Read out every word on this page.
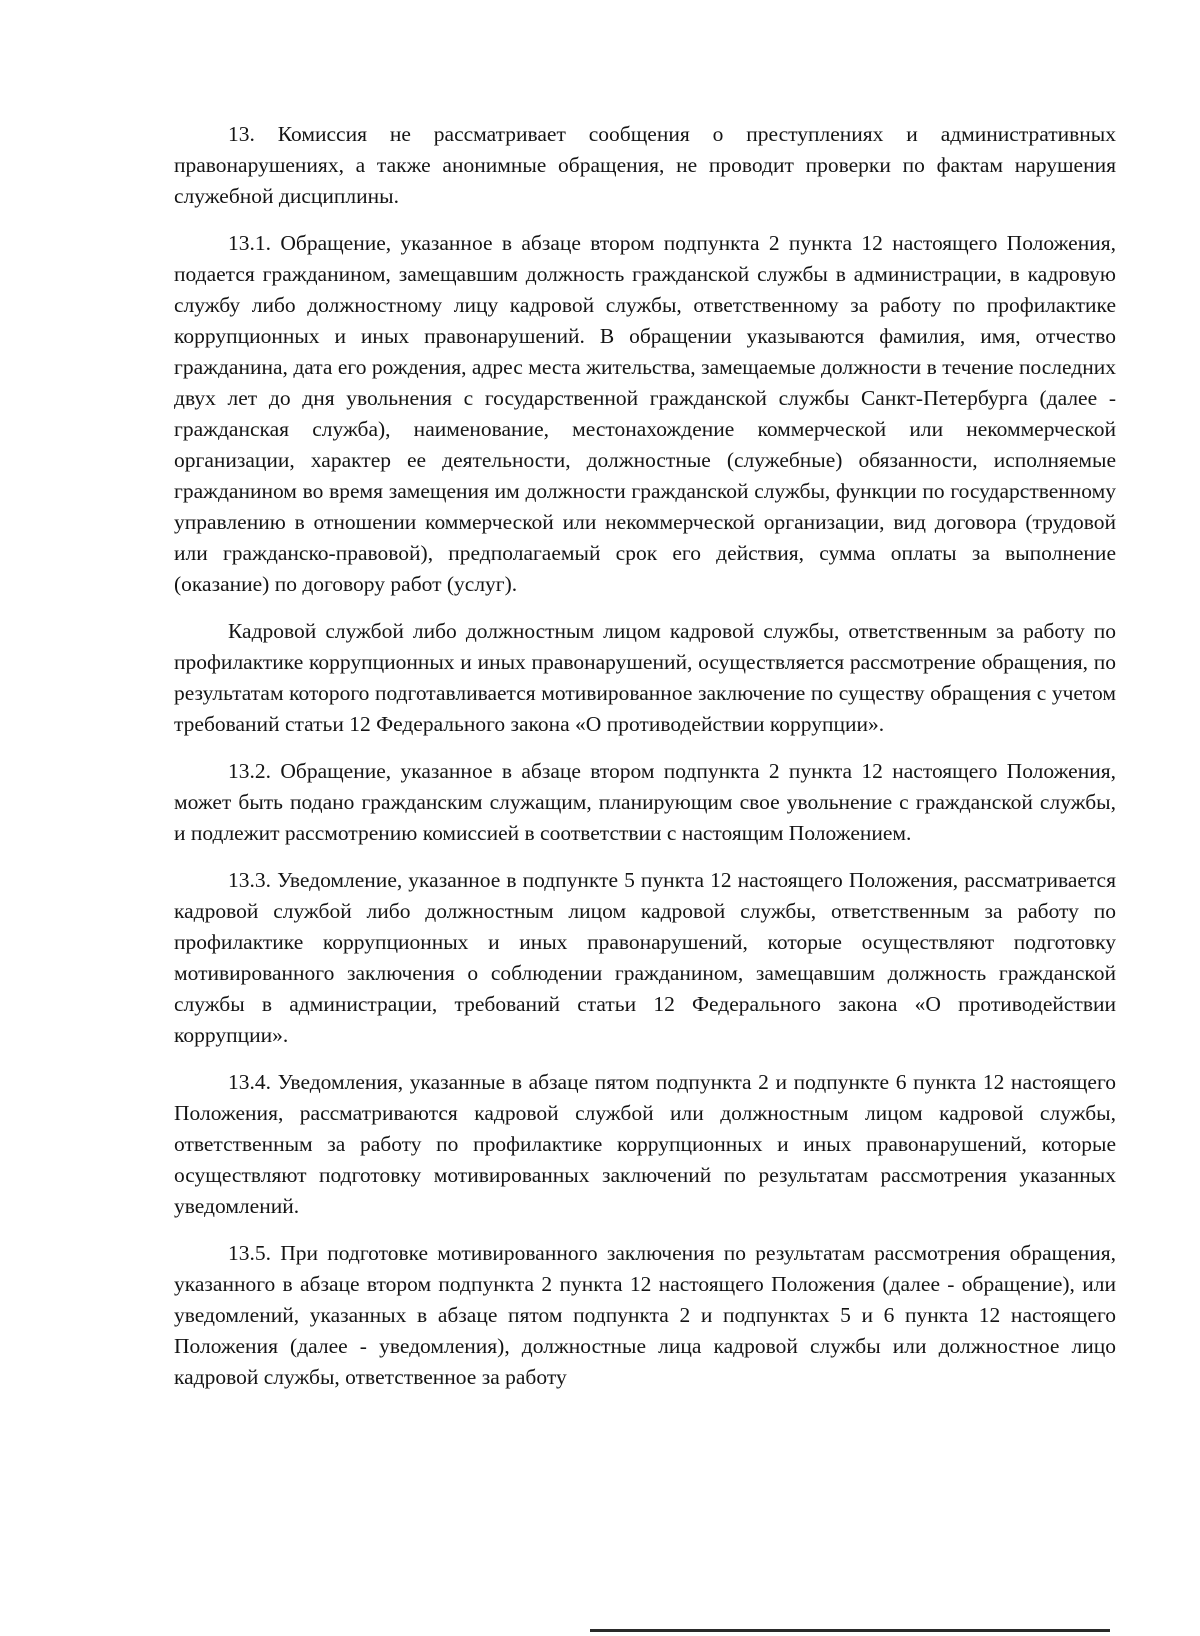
13. Комиссия не рассматривает сообщения о преступлениях и административных правонарушениях, а также анонимные обращения, не проводит проверки по фактам нарушения служебной дисциплины.

13.1. Обращение, указанное в абзаце втором подпункта 2 пункта 12 настоящего Положения, подается гражданином, замещавшим должность гражданской службы в администрации, в кадровую службу либо должностному лицу кадровой службы, ответственному за работу по профилактике коррупционных и иных правонарушений. В обращении указываются фамилия, имя, отчество гражданина, дата его рождения, адрес места жительства, замещаемые должности в течение последних двух лет до дня увольнения с государственной гражданской службы Санкт-Петербурга (далее - гражданская служба), наименование, местонахождение коммерческой или некоммерческой организации, характер ее деятельности, должностные (служебные) обязанности, исполняемые гражданином во время замещения им должности гражданской службы, функции по государственному управлению в отношении коммерческой или некоммерческой организации, вид договора (трудовой или гражданско-правовой), предполагаемый срок его действия, сумма оплаты за выполнение (оказание) по договору работ (услуг).

Кадровой службой либо должностным лицом кадровой службы, ответственным за работу по профилактике коррупционных и иных правонарушений, осуществляется рассмотрение обращения, по результатам которого подготавливается мотивированное заключение по существу обращения с учетом требований статьи 12 Федерального закона «О противодействии коррупции».

13.2. Обращение, указанное в абзаце втором подпункта 2 пункта 12 настоящего Положения, может быть подано гражданским служащим, планирующим свое увольнение с гражданской службы, и подлежит рассмотрению комиссией в соответствии с настоящим Положением.

13.3. Уведомление, указанное в подпункте 5 пункта 12 настоящего Положения, рассматривается кадровой службой либо должностным лицом кадровой службы, ответственным за работу по профилактике коррупционных и иных правонарушений, которые осуществляют подготовку мотивированного заключения о соблюдении гражданином, замещавшим должность гражданской службы в администрации, требований статьи 12 Федерального закона «О противодействии коррупции».

13.4. Уведомления, указанные в абзаце пятом подпункта 2 и подпункте 6 пункта 12 настоящего Положения, рассматриваются кадровой службой или должностным лицом кадровой службы, ответственным за работу по профилактике коррупционных и иных правонарушений, которые осуществляют подготовку мотивированных заключений по результатам рассмотрения указанных уведомлений.

13.5. При подготовке мотивированного заключения по результатам рассмотрения обращения, указанного в абзаце втором подпункта 2 пункта 12 настоящего Положения (далее - обращение), или уведомлений, указанных в абзаце пятом подпункта 2 и подпунктах 5 и 6 пункта 12 настоящего Положения (далее - уведомления), должностные лица кадровой службы или должностное лицо кадровой службы, ответственное за работу
